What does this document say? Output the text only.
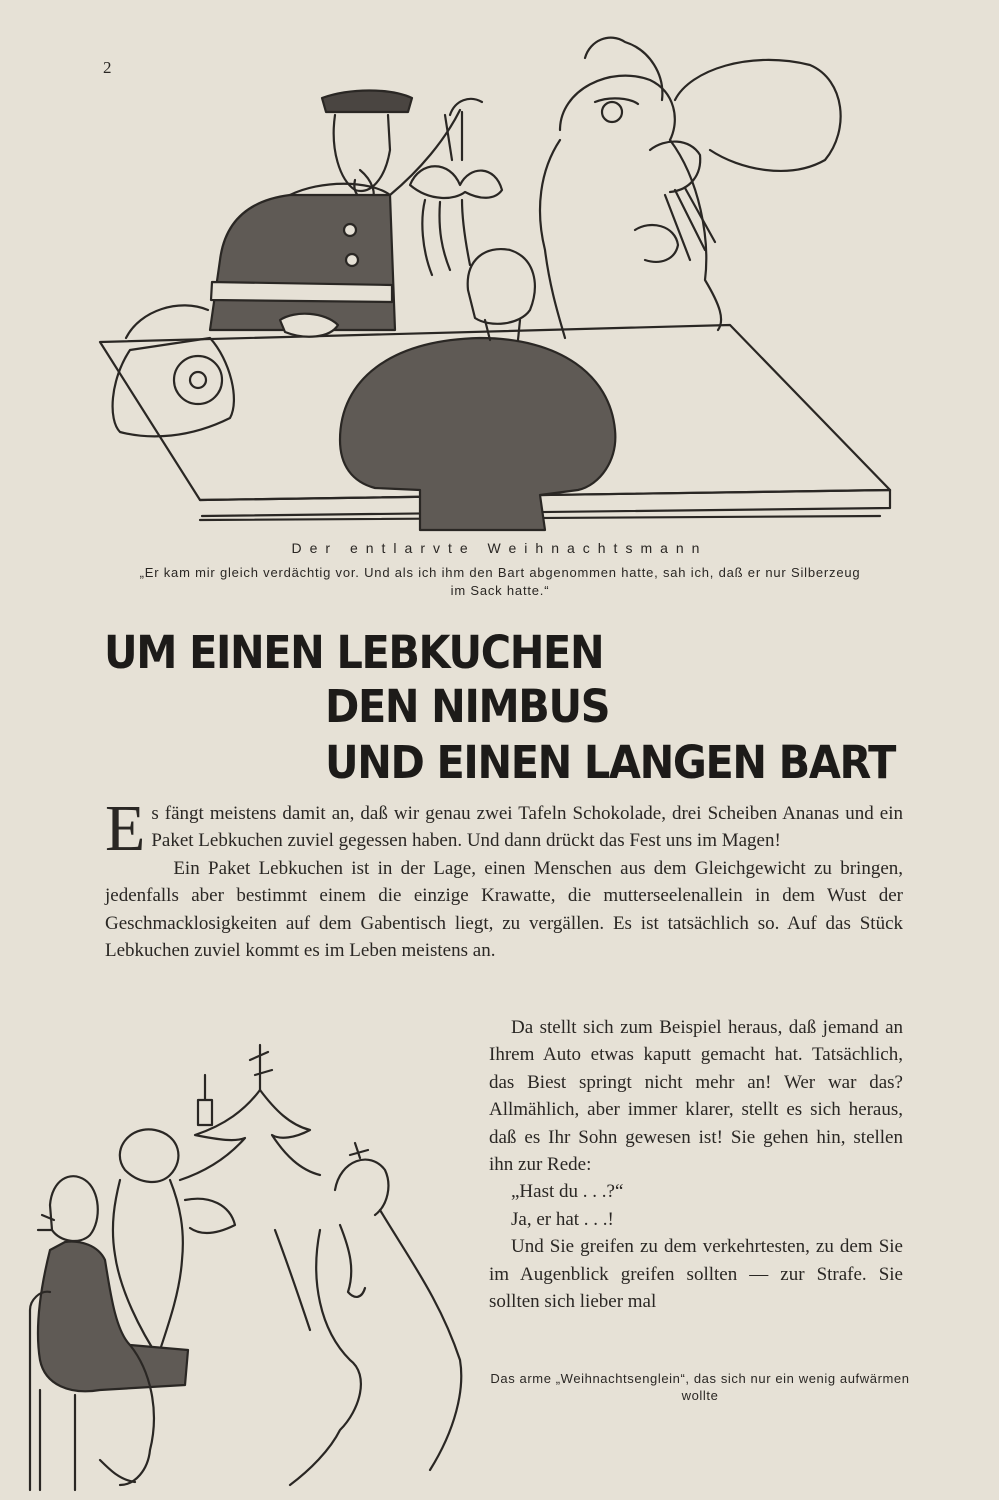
2
Der entlarvte Weihnachtsmann
„Er kam mir gleich verdächtig vor. Und als ich ihm den Bart abgenommen hatte, sah ich, daß er nur Silberzeug im Sack hatte.“
UM EINEN LEBKUCHEN
DEN NIMBUS
UND EINEN LANGEN BART

Es fängt meistens damit an, daß wir genau zwei Tafeln Schokolade, drei Scheiben Ananas und ein Paket Lebkuchen zuviel gegessen haben. Und dann drückt das Fest uns im Magen!

Ein Paket Lebkuchen ist in der Lage, einen Menschen aus dem Gleichgewicht zu bringen, jedenfalls aber bestimmt einem die einzige Krawatte, die mutterseelenallein in dem Wust der Geschmacklosigkeiten auf dem Gabentisch liegt, zu vergällen. Es ist tatsächlich so. Auf das Stück Lebkuchen zuviel kommt es im Leben meistens an.

Da stellt sich zum Beispiel heraus, daß jemand an Ihrem Auto etwas kaputt gemacht hat. Tatsächlich, das Biest springt nicht mehr an! Wer war das? Allmählich, aber immer klarer, stellt es sich heraus, daß es Ihr Sohn gewesen ist! Sie gehen hin, stellen ihn zur Rede:

„Hast du . . .?“

Ja, er hat . . .!

Und Sie greifen zu dem verkehrtesten, zu dem Sie im Augenblick greifen sollten — zur Strafe. Sie sollten sich lieber mal

Das arme „Weihnachtsenglein“, das sich nur ein wenig aufwärmen wollte
